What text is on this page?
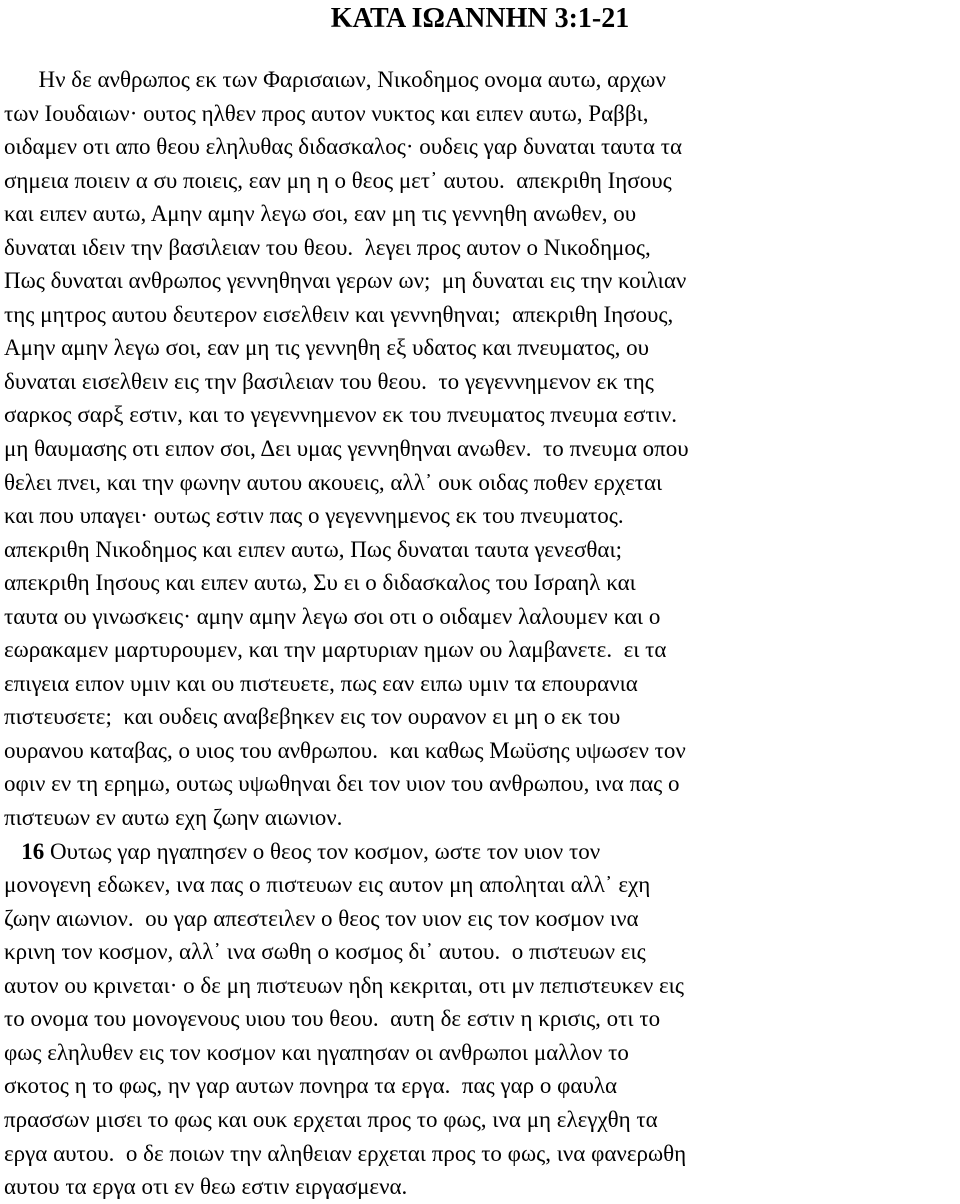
ΚΑΤΑ ΙΩΑΝΝΗΝ 3:1-21
Ην δε ανθρωπος εκ των Φαρισαιων, Νικοδημος ονομα αυτω, αρχων
των Ιουδαιων· ουτος ηλθεν προς αυτον νυκτος και ειπεν αυτω, Ραββι,
οιδαμεν οτι απο θεου εληλυθας διδασκαλος· ουδεις γαρ δυναται ταυτα τα
σημεια ποιειν α συ ποιεις, εαν μη η ο θεος μετ᾽ αυτου.  απεκριθη Ιησους
και ειπεν αυτω, Αμην αμην λεγω σοι, εαν μη τις γεννηθη ανωθεν, ου
δυναται ιδειν την βασιλειαν του θεου.  λεγει προς αυτον ο Νικοδημος,
Πως δυναται ανθρωπος γεννηθηναι γερων ων;  μη δυναται εις την κοιλιαν
της μητρος αυτου δευτερον εισελθειν και γεννηθηναι;  απεκριθη Ιησους,
Αμην αμην λεγω σοι, εαν μη τις γεννηθη εξ υδατος και πνευματος, ου
δυναται εισελθειν εις την βασιλειαν του θεου.  το γεγεννημενον εκ της
σαρκος σαρξ εστιν, και το γεγεννημενον εκ του πνευματος πνευμα εστιν.
μη θαυμασης οτι ειπον σοι, Δει υμας γεννηθηναι ανωθεν.  το πνευμα οπου
θελει πνει, και την φωνην αυτου ακουεις, αλλ᾽ ουκ οιδας ποθεν ερχεται
και που υπαγει· ουτως εστιν πας ο γεγεννημενος εκ του πνευματος.
απεκριθη Νικοδημος και ειπεν αυτω, Πως δυναται ταυτα γενεσθαι;
απεκριθη Ιησους και ειπεν αυτω, Συ ει ο διδασκαλος του Ισραηλ και
ταυτα ου γινωσκεις· αμην αμην λεγω σοι οτι ο οιδαμεν λαλουμεν και ο
εωρακαμεν μαρτυρουμεν, και την μαρτυριαν ημων ου λαμβανετε.  ει τα
επιγεια ειπον υμιν και ου πιστευετε, πως εαν ειπω υμιν τα επουρανια
πιστευσετε;  και ουδεις αναβεβηκεν εις τον ουρανον ει μη ο εκ του
ουρανου καταβας, ο υιος του ανθρωπου.  και καθως Μωϋσης υψωσεν τον
οφιν εν τη ερημω, ουτως υψωθηναι δει τον υιον του ανθρωπου, ινα πας ο
πιστευων εν αυτω εχη ζωην αιωνιον.
16 Ουτως γαρ ηγαπησεν ο θεος τον κοσμον, ωστε τον υιον τον
μονογενη εδωκεν, ινα πας ο πιστευων εις αυτον μη αποληται αλλ᾽ εχη
ζωην αιωνιον.  ου γαρ απεστειλεν ο θεος τον υιον εις τον κοσμον ινα
κρινη τον κοσμον, αλλ᾽ ινα σωθη ο κοσμος δι᾽ αυτου.  ο πιστευων εις
αυτον ου κρινεται· ο δε μη πιστευων ηδη κεκριται, οτι μν πεπιστευκεν εις
το ονομα του μονογενους υιου του θεου.  αυτη δε εστιν η κρισις, οτι το
φως εληλυθεν εις τον κοσμον και ηγαπησαν οι ανθρωποι μαλλον το
σκοτος η το φως, ην γαρ αυτων πονηρα τα εργα.  πας γαρ ο φαυλα
πρασσων μισει το φως και ουκ ερχεται προς το φως, ινα μη ελεγχθη τα
εργα αυτου.  ο δε ποιων την αληθειαν ερχεται προς το φως, ινα φανερωθη
αυτου τα εργα οτι εν θεω εστιν ειργασμενα.
